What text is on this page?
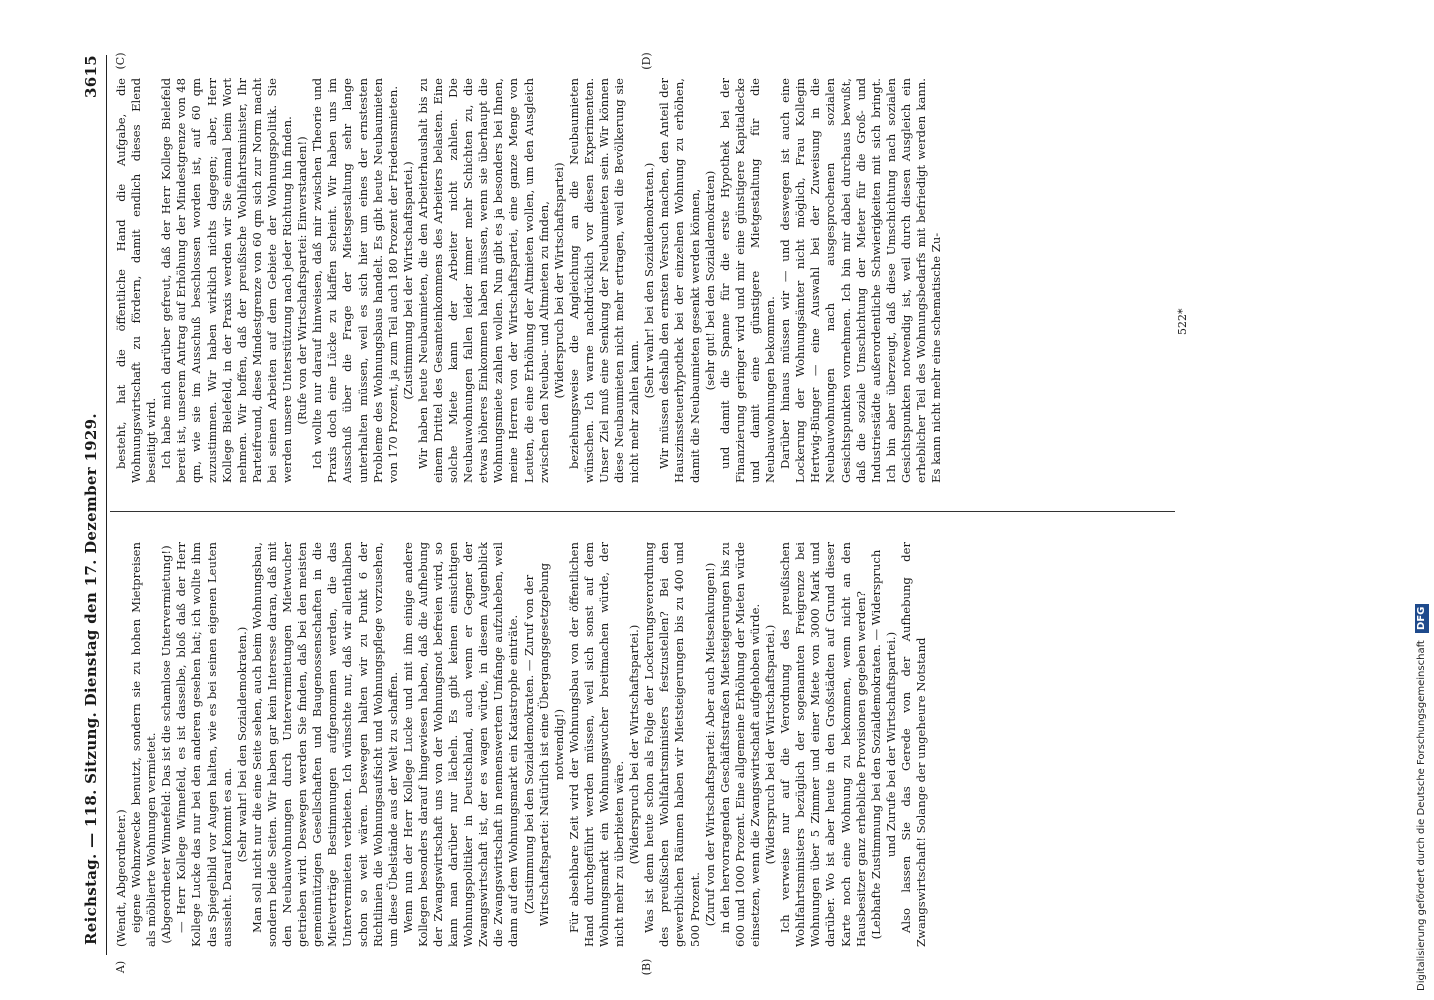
Reichstag. — 118. Sitzung. Dienstag den 17. Dezember 1929.
3615

(Wendt, Abgeordneter.) eigene Wohnzwecke benutzt, sondern sie zu hohen Mietpreisen als möblierte Wohnungen vermietet. (Abgeordneter Winnefeld: Das ist die schamlose Untervermietung!) — Herr Kollege Winnefeld, es ist dasselbe, bloß daß der Herr Kollege Lucke das nur bei den anderen gesehen hat; ich wollte ihm das Spiegelbild vor Augen halten, wie es bei seinen eigenen Leuten aussieht. Darauf kommt es an. (Sehr wahr! bei den Sozialdemokraten.) Man soll nicht nur die eine Seite sehen, auch beim Wohnungsbau, sondern beide Seiten. Wir haben gar kein Interesse daran, daß mit den Neubauwohnungen durch Untervermietungen Mietwucher getrieben wird. Deswegen werden Sie finden, daß bei den meisten gemeinnützigen Gesellschaften und Baugenossenschaften in die Mietverträge Bestimmungen aufgenommen werden, die das Untervermieten verbieten. Ich wünschte nur, daß wir allenthalben schon so weit wären. Deswegen halten wir zu Punkt 6 der Richtlinien die Wohnungsaufsicht und Wohnungspflege vorzusehen, um diese Übelstände aus der Welt zu schaffen. Wenn nun der Herr Kollege Lucke und mit ihm einige andere Kollegen besonders darauf hingewiesen haben, daß die Aufhebung der Zwangswirtschaft uns von der Wohnungsnot befreien wird, so kann man darüber nur lächeln. Es gibt keinen einsichtigen Wohnungspolitiker in Deutschland, auch wenn er Gegner der Zwangswirtschaft ist, der es wagen würde, in diesem Augenblick die Zwangswirtschaft in nennenswertem Umfange aufzuheben, weil dann auf dem Wohnungsmarkt ein Katastrophe einträte. (Zustimmung bei den Sozialdemokraten. — Zuruf von der Wirtschaftspartei: Natürlich ist eine Übergangsgesetzgebung notwendig!) Für absehbare Zeit wird der Wohnungsbau von der öffentlichen Hand durchgeführt werden müssen, weil sich sonst auf dem Wohnungsmarkt ein Wohnungswucher breitmachen würde, der nicht mehr zu überbieten wäre. (Widerspruch bei der Wirtschaftspartei.) Was ist denn heute schon als Folge der Lockerungsverordnung des preußischen Wohlfahrtsministers festzustellen? Bei den gewerblichen Räumen haben wir Mietsteigerungen bis zu 400 und 500 Prozent. (Zuruf von der Wirtschaftspartei: Aber auch Mietsenkungen!) in den hervorragenden Geschäftsstraßen Mietsteigerungen bis zu 600 und 1000 Prozent. Eine allgemeine Erhöhung der Mieten würde einsetzen, wenn die Zwangswirtschaft aufgehoben würde. (Widerspruch bei der Wirtschaftspartei.) Ich verweise nur auf die Verordnung des preußischen Wohlfahrtsministers bezüglich der sogenannten Freigrenze bei Wohnungen über 5 Zimmer und einer Miete von 3000 Mark und darüber. Wo ist aber heute in den Großstädten auf Grund dieser Karte noch eine Wohnung zu bekommen, wenn nicht an den Hausbesitzer ganz erhebliche Provisionen gegeben werden? (Lebhafte Zustimmung bei den Sozialdemokraten. — Widerspruch und Zurufe bei der Wirtschaftspartei.) Also lassen Sie das Gerede von der Aufhebung der Zwangswirtschaft! Solange der ungeheure Notstand

besteht, hat die öffentliche Hand die Aufgabe, die Wohnungswirtschaft zu fördern, damit endlich dieses Elend beseitigt wird. Ich habe mich darüber gefreut, daß der Herr Kollege Bielefeld bereit ist, unserem Antrag auf Erhöhung der Mindestgrenze von 48 qm, wie sie im Ausschuß beschlossen worden ist, auf 60 qm zuzustimmen. Wir haben wirklich nichts dagegen; aber, Herr Kollege Bielefeld, in der Praxis werden wir Sie einmal beim Wort nehmen. Wir hoffen, daß der preußische Wohlfahrtsminister, Ihr Parteifreund, diese Mindestgrenze von 60 qm sich zur Norm macht bei seinen Arbeiten auf dem Gebiete der Wohnungspolitik. Sie werden unsere Unterstützung nach jeder Richtung hin finden. (Rufe von der Wirtschaftspartei: Einverstanden!) Ich wollte nur darauf hinweisen, daß mir zwischen Theorie und Praxis doch eine Lücke zu klaffen scheint. Wir haben uns im Ausschuß über die Frage der Mietsgestaltung sehr lange unterhalten müssen, weil es sich hier um eines der ernstesten Probleme des Wohnungsbaus handelt. Es gibt heute Neubaumieten von 170 Prozent, ja zum Teil auch 180 Prozent der Friedensmieten. (Zustimmung bei der Wirtschaftspartei.) Wir haben heute Neubaumieten, die den Arbeiterhaushalt bis zu einem Drittel des Gesamteinkommens des Arbeiters belasten. Eine solche Miete kann der Arbeiter nicht zahlen. Die Neubauwohnungen fallen leider immer mehr Schichten zu, die etwas höheres Einkommen haben müssen, wenn sie überhaupt die Wohnungsmiete zahlen wollen. Nun gibt es ja besonders bei Ihnen, meine Herren von der Wirtschaftspartei, eine ganze Menge von Leuten, die eine Erhöhung der Altmieten wollen, um den Ausgleich zwischen den Neubau- und Altmieten zu finden, (Widerspruch bei der Wirtschaftspartei) beziehungsweise die Angleichung an die Neubaumieten wünschen. Ich warne nachdrücklich vor diesen Experimenten. Unser Ziel muß eine Senkung der Neubaumieten sein. Wir können diese Neubaumieten nicht mehr ertragen, weil die Bevölkerung sie nicht mehr zahlen kann.

(Sehr wahr! bei den Sozialdemokraten.) Wir müssen deshalb den ernsten Versuch machen, den Anteil der Hauszinssteuerhypothek bei der einzelnen Wohnung zu erhöhen, damit die Neubaumieten gesenkt werden können, (sehr gut! bei den Sozialdemokraten) und damit die Spanne für die erste Hypothek bei der Finanzierung geringer wird und mir eine günstigere Kapitaldecke und damit eine günstigere Mietgestaltung für die Neubauwohnungen bekommen. Darüber hinaus müssen wir — und deswegen ist auch eine Lockerung der Wohnungsämter nicht möglich, Frau Kollegin Hertwig-Bünger — eine Auswahl bei der Zuweisung in die Neubauwohnungen nach ausgesprochenen sozialen Gesichtspunkten vornehmen. Ich bin mir dabei durchaus bewußt, daß die soziale Umschichtung der Mieter für die Groß- und Industriestädte außerordentliche Schwierigkeiten mit sich bringt. Ich bin aber überzeugt, daß diese Umschichtung nach sozialen Gesichtspunkten notwendig ist, weil durch diesen Ausgleich ein erheblicher Teil des Wohnungsbedarfs mit befriedigt werden kann. Es kann nicht mehr eine schematische Zu-

A)	(B)
(C)	(D)
522*
Digitalisierung gefördert durch die Deutsche Forschungsgemeinschaft DFG
